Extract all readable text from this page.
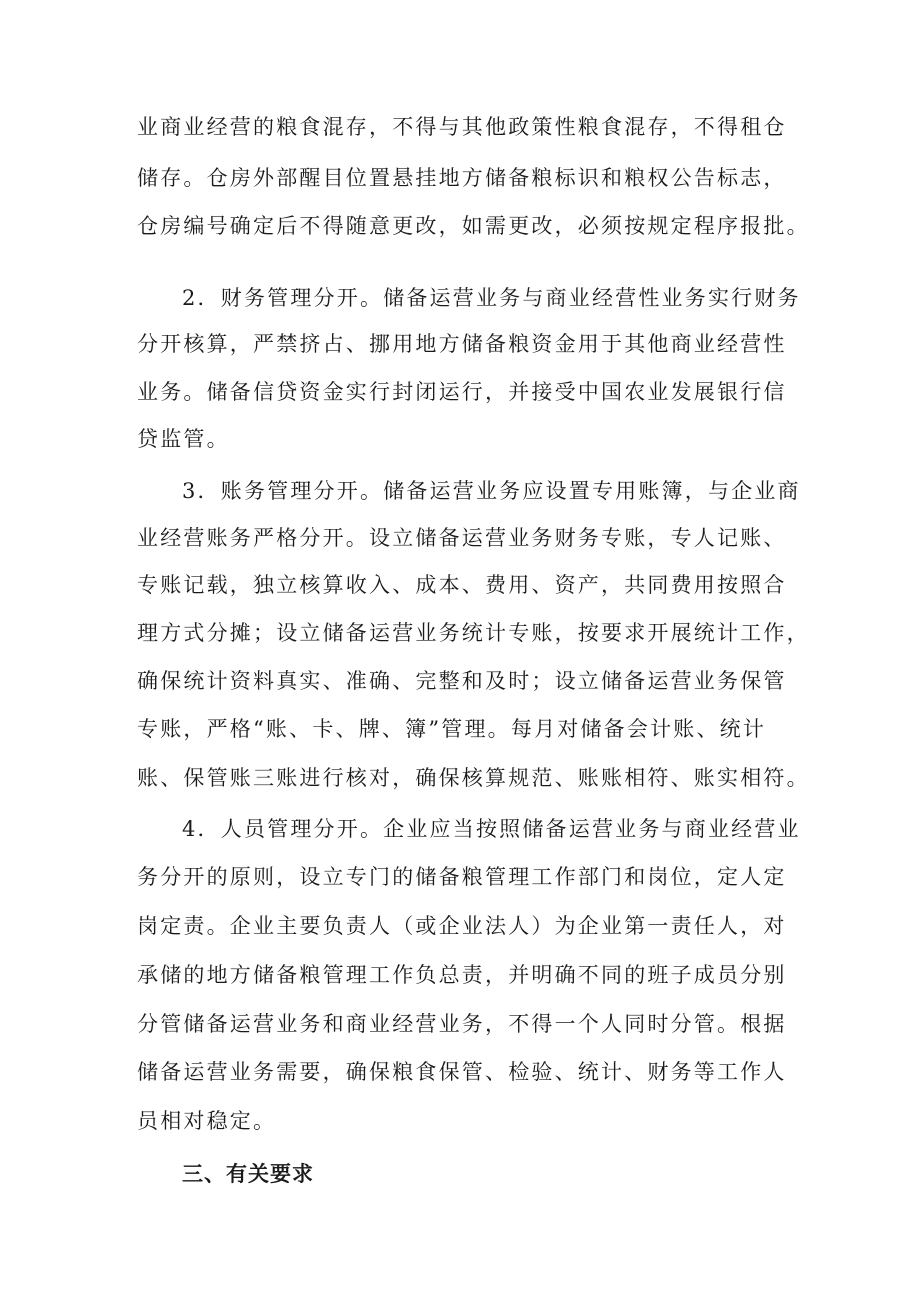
业商业经营的粮食混存，不得与其他政策性粮食混存，不得租仓
储存。仓房外部醒目位置悬挂地方储备粮标识和粮权公告标志，
仓房编号确定后不得随意更改，如需更改，必须按规定程序报批。
2．财务管理分开。储备运营业务与商业经营性业务实行财务
分开核算，严禁挤占、挪用地方储备粮资金用于其他商业经营性
业务。储备信贷资金实行封闭运行，并接受中国农业发展银行信
贷监管。
3．账务管理分开。储备运营业务应设置专用账簿，与企业商
业经营账务严格分开。设立储备运营业务财务专账，专人记账、
专账记载，独立核算收入、成本、费用、资产，共同费用按照合
理方式分摊；设立储备运营业务统计专账，按要求开展统计工作，
确保统计资料真实、准确、完整和及时；设立储备运营业务保管
专账，严格“账、卡、牌、簿”管理。每月对储备会计账、统计
账、保管账三账进行核对，确保核算规范、账账相符、账实相符。
4．人员管理分开。企业应当按照储备运营业务与商业经营业
务分开的原则，设立专门的储备粮管理工作部门和岗位，定人定
岗定责。企业主要负责人（或企业法人）为企业第一责任人，对
承储的地方储备粮管理工作负总责，并明确不同的班子成员分别
分管储备运营业务和商业经营业务，不得一个人同时分管。根据
储备运营业务需要，确保粮食保管、检验、统计、财务等工作人
员相对稳定。
三、有关要求
